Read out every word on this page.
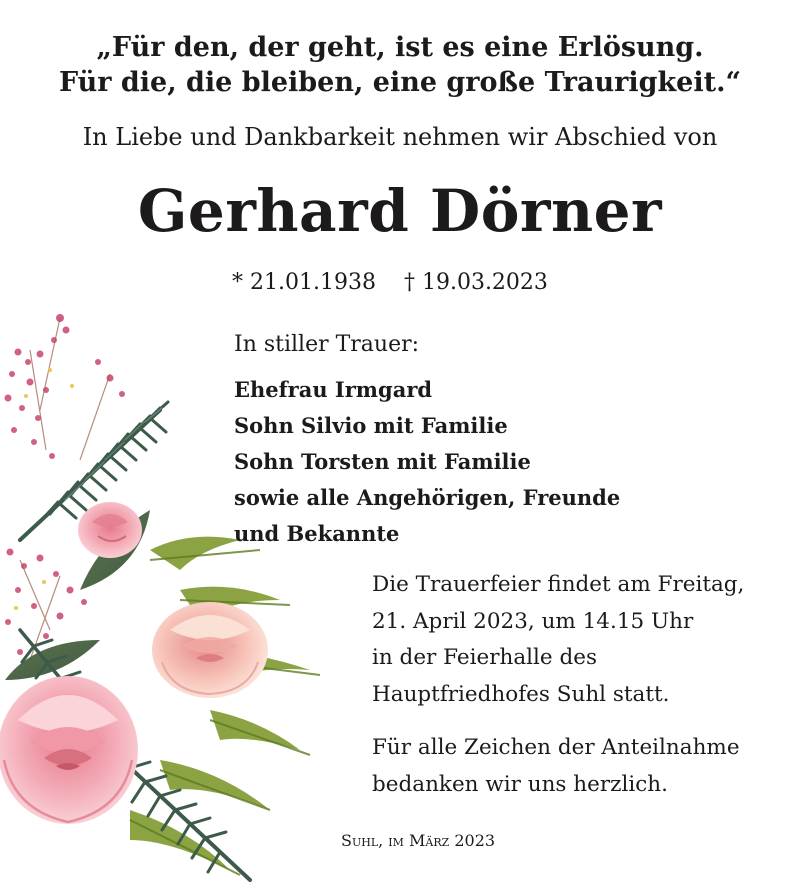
„Für den, der geht, ist es eine Erlösung.
Für die, die bleiben, eine große Traurigkeit.“
In Liebe und Dankbarkeit nehmen wir Abschied von
Gerhard Dörner
* 21.01.1938 † 19.03.2023
In stiller Trauer:
Ehefrau Irmgard
Sohn Silvio mit Familie
Sohn Torsten mit Familie
sowie alle Angehörigen, Freunde
und Bekannte
Die Trauerfeier findet am Freitag,
21. April 2023, um 14.15 Uhr
in der Feierhalle des
Hauptfriedhofes Suhl statt.
Für alle Zeichen der Anteilnahme
bedanken wir uns herzlich.
Suhl, im März 2023
